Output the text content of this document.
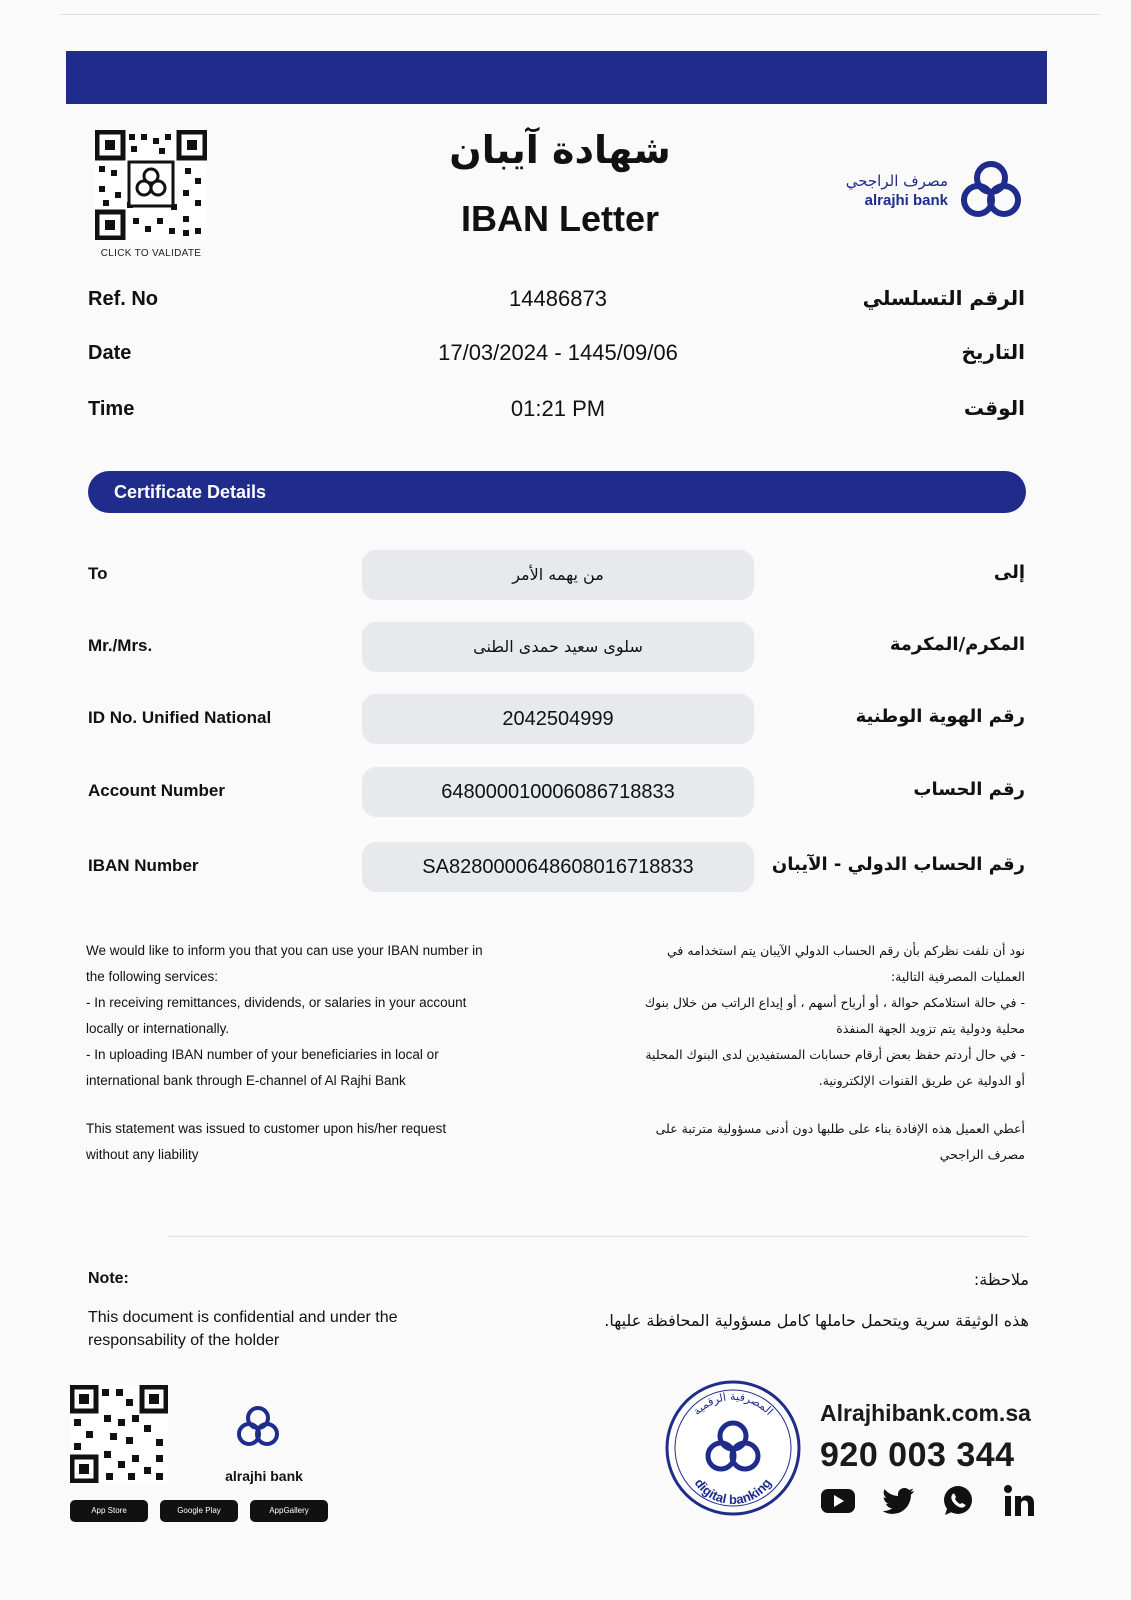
CLICK TO VALIDATE
شهادة آيبان
IBAN Letter
مصرف الراجحي
alrajhi bank
Ref. No	14486873	الرقم التسلسلي
Date	17/03/2024 - 1445/09/06	التاريخ
Time	01:21 PM	الوقت
Certificate Details
To	من يهمه الأمر	إلى
Mr./Mrs.	سلوى سعيد حمدى الطنى	المكرم/المكرمة
ID No. Unified National	2042504999	رقم الهوية الوطنية
Account Number	648000010006086718833	رقم الحساب
IBAN Number	SA8280000648608016718833	رقم الحساب الدولي - الآيبان

We would like to inform you that you can use your IBAN number in the following services:

- In receiving remittances, dividends, or salaries in your account locally or internationally.

- In uploading IBAN number of your beneficiaries in local or international bank through E-channel of Al Rajhi Bank

نود أن نلفت نظركم بأن رقم الحساب الدولي الآيبان يتم استخدامه في العمليات المصرفية التالية:

- في حالة استلامكم حوالة ، أو أرباح أسهم ، أو إيداع الراتب من خلال بنوك محلية ودولية يتم تزويد الجهة المنفذة

- في حال أردتم حفظ بعض أرقام حسابات المستفيدين لدى البنوك المحلية أو الدولية عن طريق القنوات الإلكترونية.

This statement was issued to customer upon his/her request without any liability
أعطي العميل هذه الإفادة بناء على طلبها دون أدنى مسؤولية مترتبة على مصرف الراجحي
Note:
This document is confidential and under the responsability of the holder
ملاحظة:
هذه الوثيقة سرية ويتحمل حاملها كامل مسؤولية المحافظة عليها.
alrajhi bank
App Store	Google Play	AppGallery
المصرفية الرقمية
digital banking
Alrajhibank.com.sa
920 003 344
